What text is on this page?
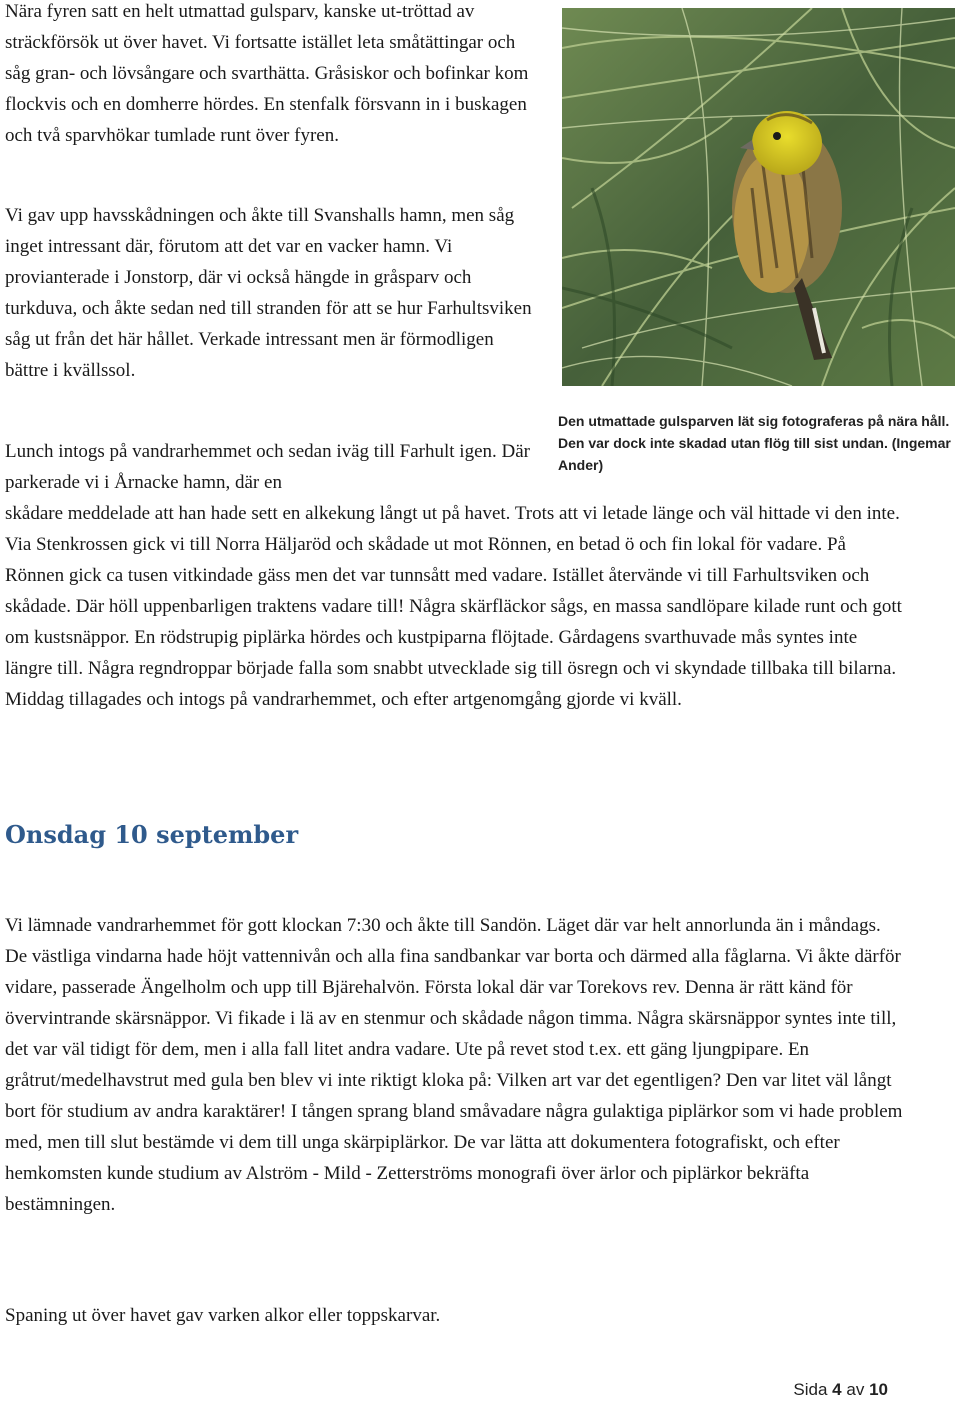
Nära fyren satt en helt utmattad gulsparv, kanske ut-tröttad av sträckförsök ut över havet. Vi fortsatte istället leta småtättingar och såg gran- och lövsångare och svarthätta. Gråsiskor och bofinkar kom flockvis och en domherre hördes. En stenfalk försvann in i buskagen och två sparvhökar tumlade runt över fyren.

Vi gav upp havsskådningen och åkte till Svanshalls hamn, men såg inget intressant där, förutom att det var en vacker hamn. Vi provianterade i Jonstorp, där vi också hängde in gråsparv och turkduva, och åkte sedan ned till stranden för att se hur Farhultsviken såg ut från det här hållet. Verkade intressant men är förmodligen bättre i kvällssol.

Lunch intogs på vandrarhemmet och sedan iväg till Farhult igen. Där parkerade vi i Årnacke hamn, där en

skådare meddelade att han hade sett en alkekung långt ut på havet. Trots att vi letade länge och väl hittade vi den inte. Via Stenkrossen gick vi till Norra Häljaröd och skådade ut mot Rönnen, en betad ö och fin lokal för vadare. På Rönnen gick ca tusen vitkindade gäss men det var tunnsått med vadare. Istället återvände vi till Farhultsviken och skådade. Där höll uppenbarligen traktens vadare till! Några skärfläckor sågs, en massa sandlöpare kilade runt och gott om kustsnäppor. En rödstrupig piplärka hördes och kustpiparna flöjtade. Gårdagens svarthuvade mås syntes inte längre till. Några regndroppar började falla som snabbt utvecklade sig till ösregn och vi skyndade tillbaka till bilarna. Middag tillagades och intogs på vandrarhemmet, och efter artgenomgång gjorde vi kväll.

Den utmattade gulsparven lät sig fotograferas på nära håll. Den var dock inte skadad utan flög till sist undan. (Ingemar Ander)
Onsdag 10 september

Vi lämnade vandrarhemmet för gott klockan 7:30 och åkte till Sandön. Läget där var helt annorlunda än i måndags. De västliga vindarna hade höjt vattennivån och alla fina sandbankar var borta och därmed alla fåglarna. Vi åkte därför vidare, passerade Ängelholm och upp till Bjärehalvön. Första lokal där var Torekovs rev. Denna är rätt känd för övervintrande skärsnäppor. Vi fikade i lä av en stenmur och skådade någon timma. Några skärsnäppor syntes inte till, det var väl tidigt för dem, men i alla fall litet andra vadare. Ute på revet stod t.ex. ett gäng ljungpipare. En gråtrut/medelhavstrut med gula ben blev vi inte riktigt kloka på: Vilken art var det egentligen? Den var litet väl långt bort för studium av andra karaktärer! I tången sprang bland småvadare några gulaktiga piplärkor som vi hade problem med, men till slut bestämde vi dem till unga skärpiplärkor. De var lätta att dokumentera fotografiskt, och efter hemkomsten kunde studium av Alström - Mild - Zetterströms monografi över ärlor och piplärkor bekräfta bestämningen.

Spaning ut över havet gav varken alkor eller toppskarvar.

Sida 4 av 10
